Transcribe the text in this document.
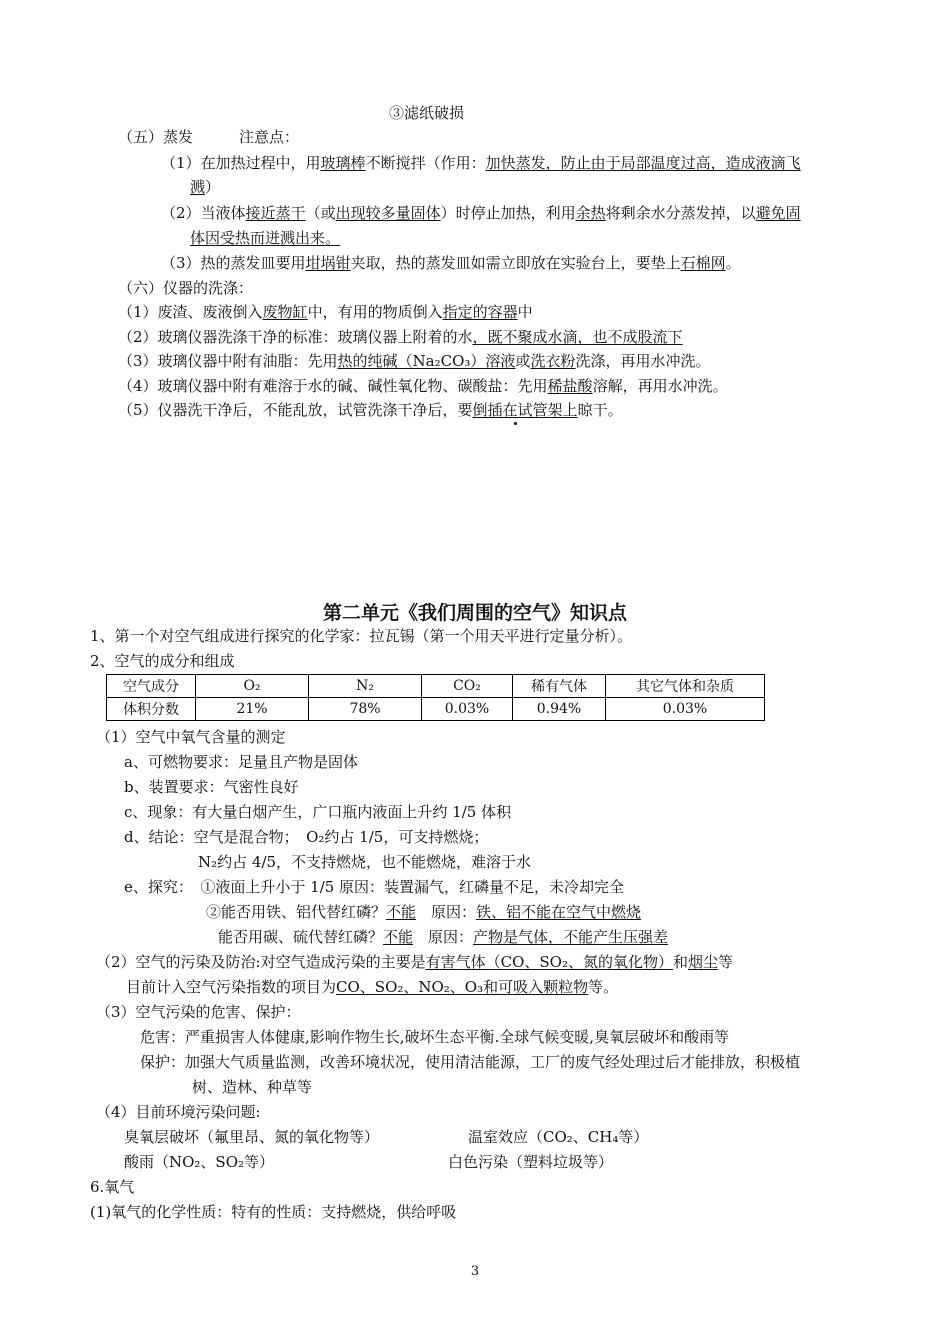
③滤纸破损
（五）蒸发	注意点：
（1）在加热过程中，用玻璃棒不断搅拌（作用：加快蒸发，防止由于局部温度过高，造成液滴飞
溅）
（2）当液体接近蒸干（或出现较多量固体）时停止加热，利用余热将剩余水分蒸发掉，以避免固
体因受热而迸溅出来。
（3）热的蒸发皿要用坩埚钳夹取，热的蒸发皿如需立即放在实验台上，要垫上石棉网。
（六）仪器的洗涤：
（1）废渣、废液倒入废物缸中，有用的物质倒入指定的容器中
（2）玻璃仪器洗涤干净的标准：玻璃仪器上附着的水，既不聚成水滴，也不成股流下
（3）玻璃仪器中附有油脂：先用热的纯碱（Na₂CO₃）溶液或洗衣粉洗涤，再用水冲洗。
（4）玻璃仪器中附有难溶于水的碱、碱性氧化物、碳酸盐：先用稀盐酸溶解，再用水冲洗。
（5）仪器洗干净后，不能乱放，试管洗涤干净后，要倒插在试管架上晾干。
第二单元《我们周围的空气》知识点
1、第一个对空气组成进行探究的化学家：拉瓦锡（第一个用天平进行定量分析）。
2、空气的成分和组成
空气成分	O₂	N₂	CO₂	稀有气体	其它气体和杂质
体积分数	21%	78%	0.03%	0.94%	0.03%
（1）空气中氧气含量的测定
a、可燃物要求：足量且产物是固体
b、装置要求：气密性良好
c、现象：有大量白烟产生，广口瓶内液面上升约 1/5 体积
d、结论：空气是混合物；　O₂约占 1/5，可支持燃烧；
N₂约占 4/5，不支持燃烧，也不能燃烧，难溶于水
e、探究：　①液面上升小于 1/5 原因：装置漏气，红磷量不足，未冷却完全
②能否用铁、铝代替红磷？不能　原因：铁、铝不能在空气中燃烧
能否用碳、硫代替红磷？不能　原因：产物是气体，不能产生压强差
（2）空气的污染及防治:对空气造成污染的主要是有害气体（CO、SO₂、氮的氧化物）和烟尘等
目前计入空气污染指数的项目为CO、SO₂、NO₂、O₃和可吸入颗粒物等。
（3）空气污染的危害、保护：
危害：严重损害人体健康,影响作物生长,破坏生态平衡.全球气候变暖,臭氧层破坏和酸雨等
保护：加强大气质量监测，改善环境状况，使用清洁能源，工厂的废气经处理过后才能排放，积极植
树、造林、种草等
（4）目前环境污染问题:
臭氧层破坏（氟里昂、氮的氧化物等）	温室效应（CO₂、CH₄等）
酸雨（NO₂、SO₂等）	白色污染（塑料垃圾等）
6.氧气
(1)氧气的化学性质：特有的性质：支持燃烧，供给呼吸
3
